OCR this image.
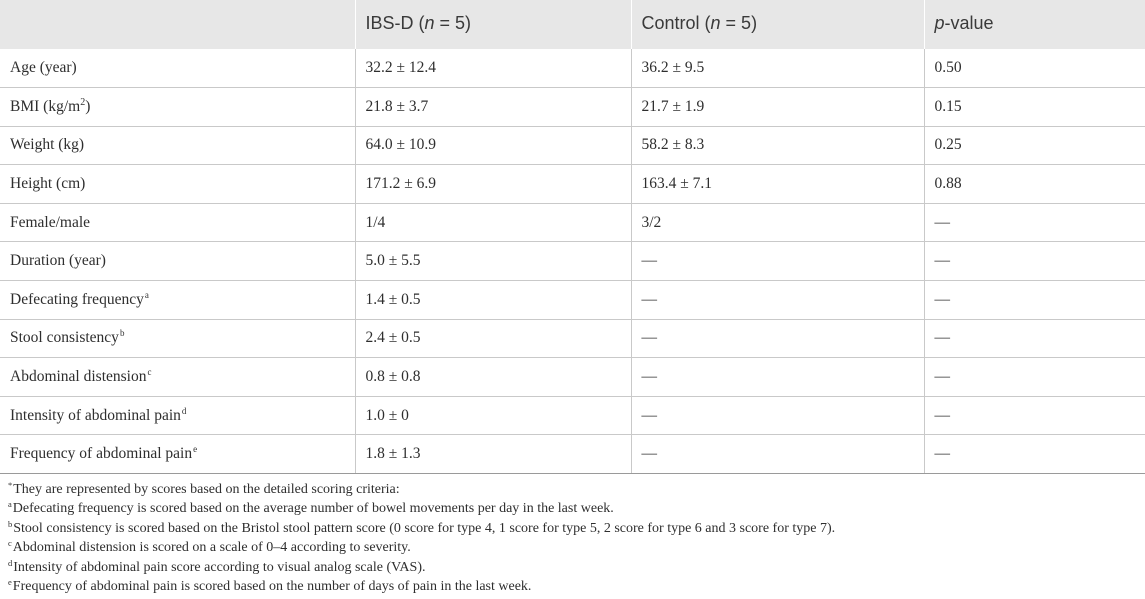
	IBS-D (n = 5)	Control (n = 5)	p-value
Age (year)	32.2 ± 12.4	36.2 ± 9.5	0.50
BMI $(kg/m^2)$	21.8 ± 3.7	21.7 ± 1.9	0.15
Weight (kg)	64.0 ± 10.9	58.2 ± 8.3	0.25
Height (cm)	171.2 ± 6.9	163.4 ± 7.1	0.88
Female/male	1/4	3/2	—
Duration (year)	5.0 ± 5.5	—	—
Defecating frequency$^a$	1.4 ± 0.5	—	—
Stool consistency$^b$	2.4 ± 0.5	—	—
Abdominal distension$^c$	0.8 ± 0.8	—	—
Intensity of abdominal pain$^d$	1.0 ± 0	—	—
Frequency of abdominal pain$^e$	1.8 ± 1.3	—	—
*They are represented by scores based on the detailed scoring criteria:
$^a$Defecating frequency is scored based on the average number of bowel movements per day in the last week.
$^b$Stool consistency is scored based on the Bristol stool pattern score (0 score for type 4, 1 score for type 5, 2 score for type 6 and 3 score for type 7).
$^c$Abdominal distension is scored on a scale of 0–4 according to severity.
$^d$Intensity of abdominal pain score according to visual analog scale (VAS).
$^e$Frequency of abdominal pain is scored based on the number of days of pain in the last week.
